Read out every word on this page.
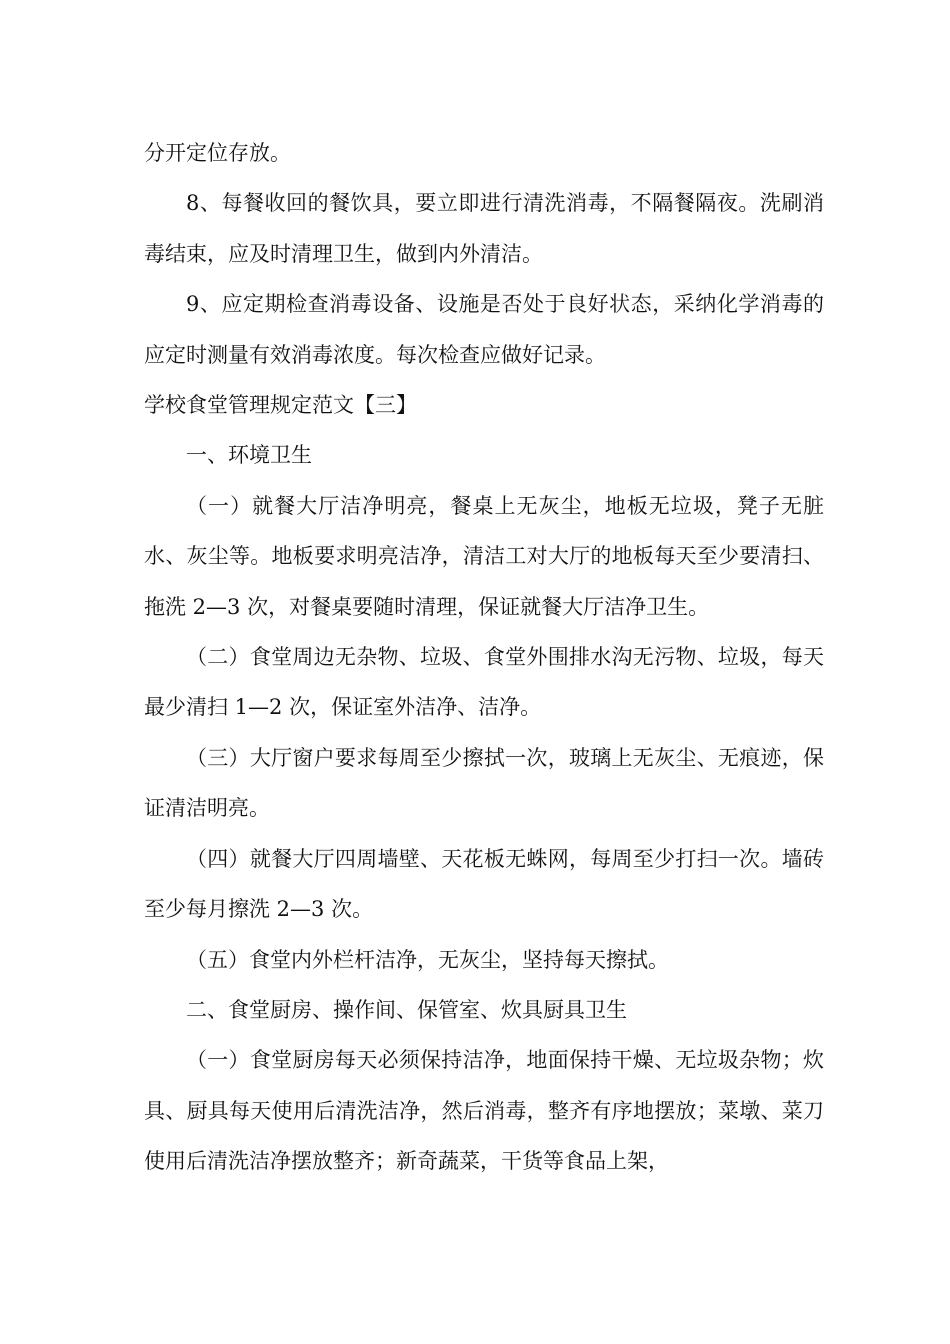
分开定位存放。

8、每餐收回的餐饮具，要立即进行清洗消毒，不隔餐隔夜。洗刷消毒结束，应及时清理卫生，做到内外清洁。

9、应定期检查消毒设备、设施是否处于良好状态，采纳化学消毒的应定时测量有效消毒浓度。每次检查应做好记录。

学校食堂管理规定范文【三】

一、环境卫生

（一）就餐大厅洁净明亮，餐桌上无灰尘，地板无垃圾，凳子无脏水、灰尘等。地板要求明亮洁净，清洁工对大厅的地板每天至少要清扫、拖洗 2—3 次，对餐桌要随时清理，保证就餐大厅洁净卫生。

（二）食堂周边无杂物、垃圾、食堂外围排水沟无污物、垃圾，每天最少清扫 1—2 次，保证室外洁净、洁净。

（三）大厅窗户要求每周至少擦拭一次，玻璃上无灰尘、无痕迹，保证清洁明亮。

（四）就餐大厅四周墙壁、天花板无蛛网，每周至少打扫一次。墙砖至少每月擦洗 2—3 次。

（五）食堂内外栏杆洁净，无灰尘，坚持每天擦拭。

二、食堂厨房、操作间、保管室、炊具厨具卫生

（一）食堂厨房每天必须保持洁净，地面保持干燥、无垃圾杂物；炊具、厨具每天使用后清洗洁净，然后消毒，整齐有序地摆放；菜墩、菜刀使用后清洗洁净摆放整齐；新奇蔬菜，干货等食品上架，
